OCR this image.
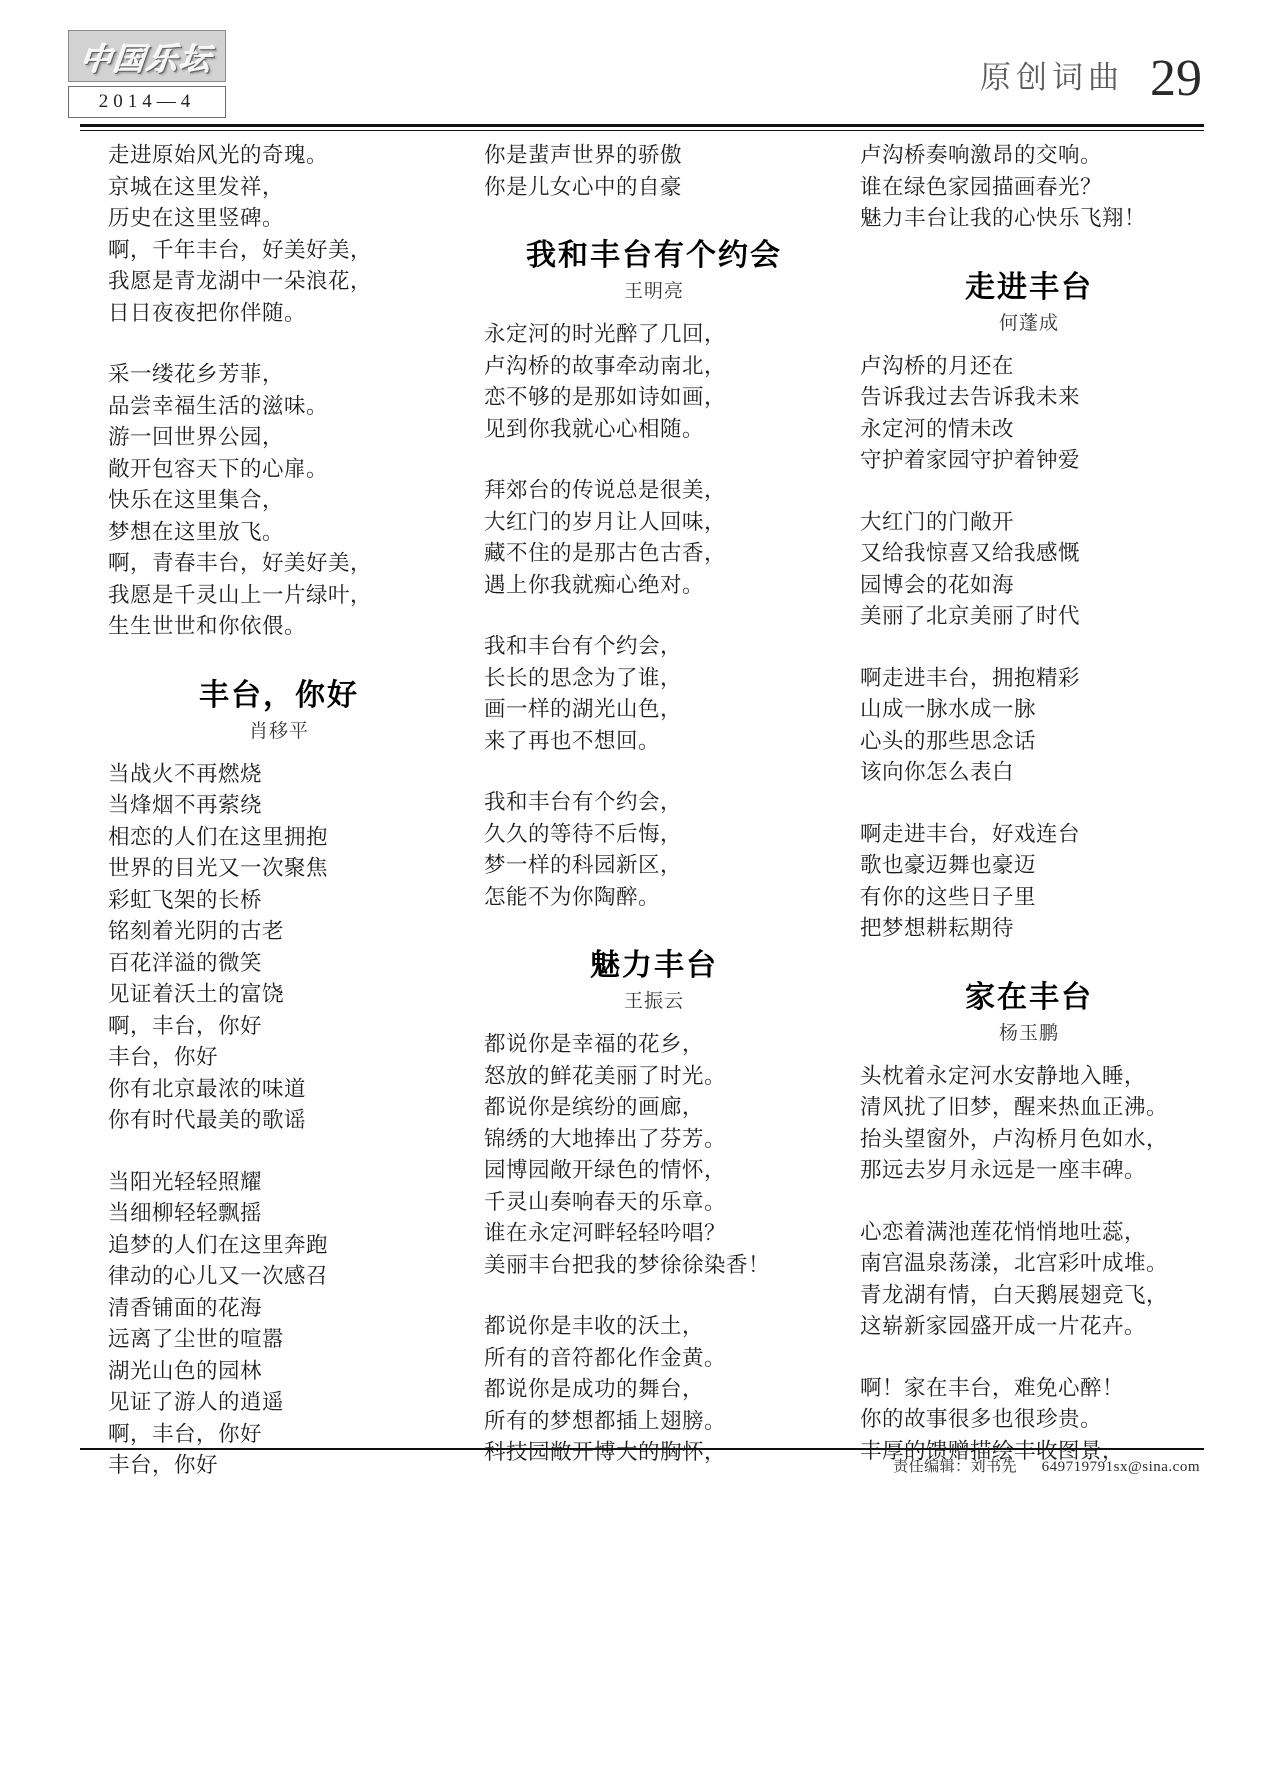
中国乐坛
2014—4
原创词曲 29
走进原始风光的奇瑰。
京城在这里发祥，
历史在这里竖碑。
啊，千年丰台，好美好美，
我愿是青龙湖中一朵浪花，
日日夜夜把你伴随。
采一缕花乡芳菲，
品尝幸福生活的滋味。
游一回世界公园，
敞开包容天下的心扉。
快乐在这里集合，
梦想在这里放飞。
啊，青春丰台，好美好美，
我愿是千灵山上一片绿叶，
生生世世和你依偎。
丰台，你好
肖移平
当战火不再燃烧
当烽烟不再萦绕
相恋的人们在这里拥抱
世界的目光又一次聚焦
彩虹飞架的长桥
铭刻着光阴的古老
百花洋溢的微笑
见证着沃土的富饶
啊，丰台，你好
丰台，你好
你有北京最浓的味道
你有时代最美的歌谣
当阳光轻轻照耀
当细柳轻轻飘摇
追梦的人们在这里奔跑
律动的心儿又一次感召
清香铺面的花海
远离了尘世的喧嚣
湖光山色的园林
见证了游人的逍遥
啊，丰台，你好
丰台，你好
你是蜚声世界的骄傲
你是儿女心中的自豪
我和丰台有个约会
王明亮
永定河的时光醉了几回，
卢沟桥的故事牵动南北，
恋不够的是那如诗如画，
见到你我就心心相随。
拜郊台的传说总是很美，
大红门的岁月让人回味，
藏不住的是那古色古香，
遇上你我就痴心绝对。
我和丰台有个约会，
长长的思念为了谁，
画一样的湖光山色，
来了再也不想回。
我和丰台有个约会，
久久的等待不后悔，
梦一样的科园新区，
怎能不为你陶醉。
魅力丰台
王振云
都说你是幸福的花乡，
怒放的鲜花美丽了时光。
都说你是缤纷的画廊，
锦绣的大地捧出了芬芳。
园博园敞开绿色的情怀，
千灵山奏响春天的乐章。
谁在永定河畔轻轻吟唱？
美丽丰台把我的梦徐徐染香！
都说你是丰收的沃土，
所有的音符都化作金黄。
都说你是成功的舞台，
所有的梦想都插上翅膀。
科技园敞开博大的胸怀，
卢沟桥奏响激昂的交响。
谁在绿色家园描画春光？
魅力丰台让我的心快乐飞翔！
走进丰台
何蓬成
卢沟桥的月还在
告诉我过去告诉我未来
永定河的情未改
守护着家园守护着钟爱
大红门的门敞开
又给我惊喜又给我感慨
园博会的花如海
美丽了北京美丽了时代
啊走进丰台，拥抱精彩
山成一脉水成一脉
心头的那些思念话
该向你怎么表白
啊走进丰台，好戏连台
歌也豪迈舞也豪迈
有你的这些日子里
把梦想耕耘期待
家在丰台
杨玉鹏
头枕着永定河水安静地入睡，
清风扰了旧梦，醒来热血正沸。
抬头望窗外，卢沟桥月色如水，
那远去岁月永远是一座丰碑。
心恋着满池莲花悄悄地吐蕊，
南宫温泉荡漾，北宫彩叶成堆。
青龙湖有情，白天鹅展翅竞飞，
这崭新家园盛开成一片花卉。
啊！家在丰台，难免心醉！
你的故事很多也很珍贵。
丰厚的馈赠描绘丰收图景，
责任编辑：刘书先 649719791sx@sina.com
